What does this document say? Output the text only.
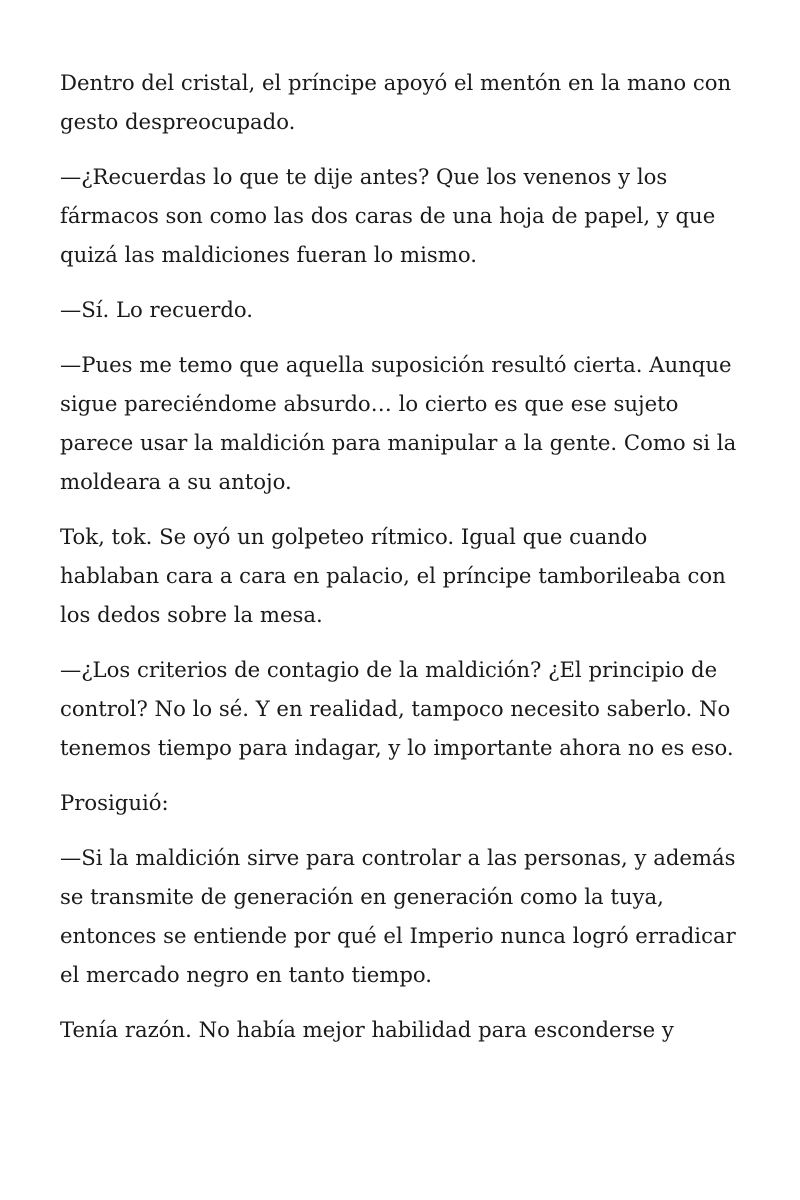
Dentro del cristal, el príncipe apoyó el mentón en la mano con gesto despreocupado.

—¿Recuerdas lo que te dije antes? Que los venenos y los fármacos son como las dos caras de una hoja de papel, y que quizá las maldiciones fueran lo mismo.

—Sí. Lo recuerdo.

—Pues me temo que aquella suposición resultó cierta. Aunque sigue pareciéndome absurdo… lo cierto es que ese sujeto parece usar la maldición para manipular a la gente. Como si la moldeara a su antojo.

Tok, tok. Se oyó un golpeteo rítmico. Igual que cuando hablaban cara a cara en palacio, el príncipe tamborileaba con los dedos sobre la mesa.

—¿Los criterios de contagio de la maldición? ¿El principio de control? No lo sé. Y en realidad, tampoco necesito saberlo. No tenemos tiempo para indagar, y lo importante ahora no es eso.

Prosiguió:

—Si la maldición sirve para controlar a las personas, y además se transmite de generación en generación como la tuya, entonces se entiende por qué el Imperio nunca logró erradicar el mercado negro en tanto tiempo.

Tenía razón. No había mejor habilidad para esconderse y
